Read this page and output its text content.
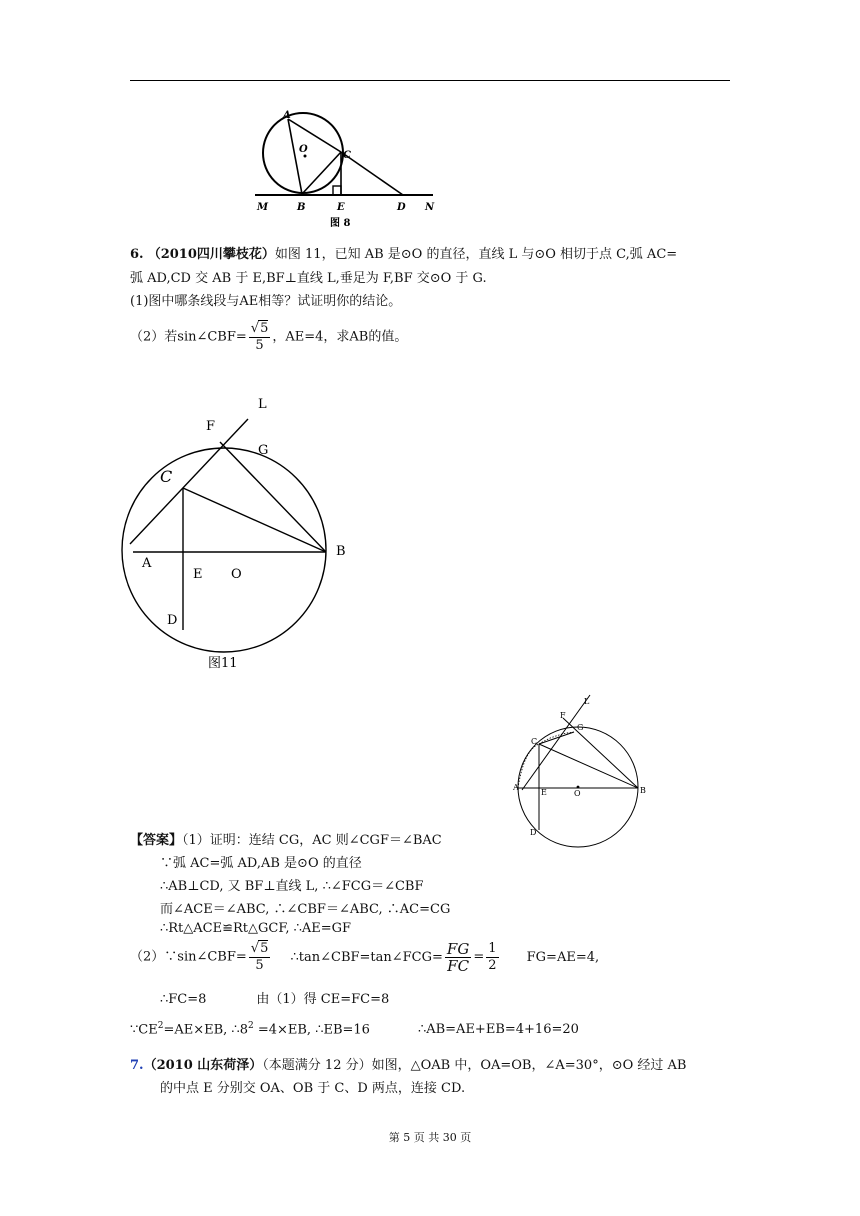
A
O
C
M	B	E	D N
图 8
6. （2010四川攀枝花）如图 11，已知 AB 是⊙O 的直径，直线 L 与⊙O 相切于点 C,弧 AC=
弧 AD,CD 交 AB 于 E,BF⊥直线 L,垂足为 F,BF 交⊙O 于 G.
(1)图中哪条线段与AE相等？试证明你的结论。
（2）若sin∠CBF= $\frac{√5}{5}$ ，AE=4，求AB的值。
L
F
G
C
A
B
E O
D
图11
L
F
G
C
A
E	O	B
D
【答案】（1）证明：连结 CG，AC 则∠CGF＝∠BAC
∵弧 AC=弧 AD,AB 是⊙O 的直径
∴AB⊥CD, 又 BF⊥直线 L, ∴∠FCG＝∠CBF
而∠ACE＝∠ABC, ∴∠CBF＝∠ABC, ∴AC=CG
∴Rt△ACE≌Rt△GCF, ∴AE=GF
（2）∵sin∠CBF= $\frac{√5}{5}$ ∴tan∠CBF=tan∠FCG= $\frac{FG}{FC} = \frac{1}{2} FG=AE=4$,
∴FC=8	由（1）得 CE=FC=8
$\because CE^2=AE\times EB$, $\therefore 8^2 =4\times EB$, ∴EB=16	∴AB=AE+EB=4+16=20
7.（2010 山东荷泽）（本题满分 12 分）如图，△OAB 中，OA=OB，∠A=30°，⊙O 经过 AB
的中点 E 分别交 OA、OB 于 C、D 两点，连接 CD.
第 5 页 共 30 页
